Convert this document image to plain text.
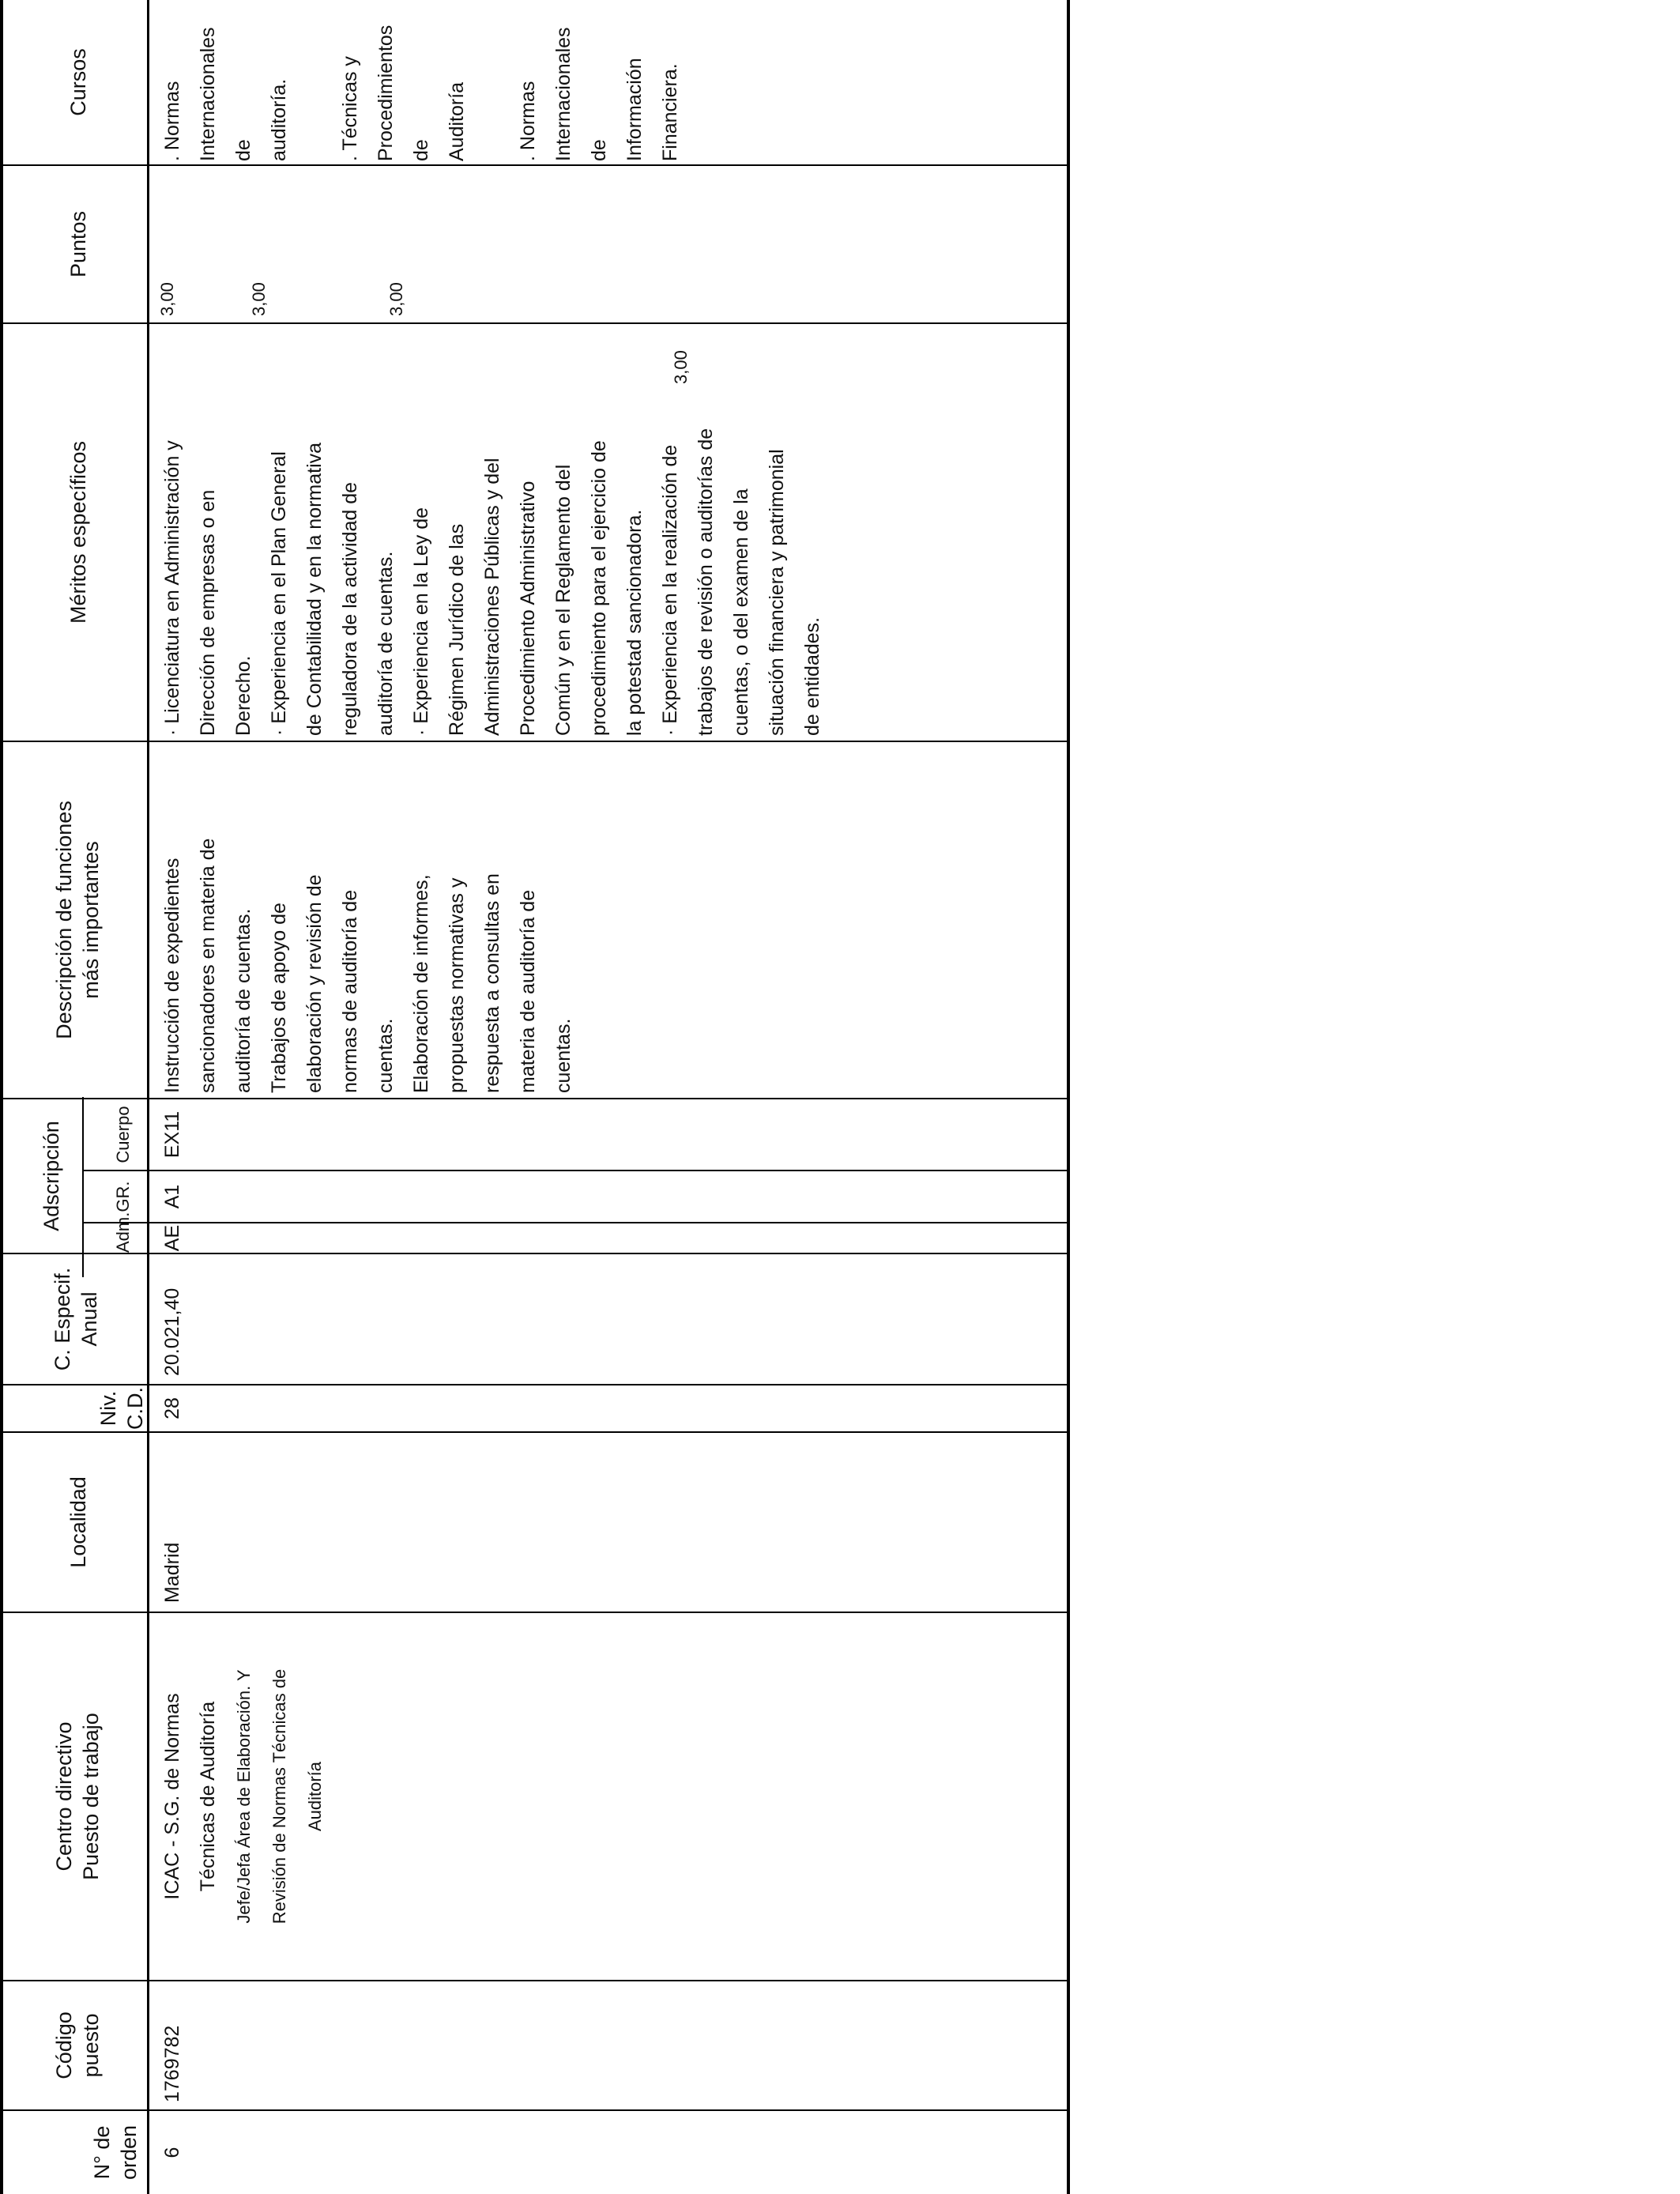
N° de
orden
Código
puesto
Centro directivo
Puesto de trabajo
Localidad
Niv.
C.D.
C. Especif.
Anual
Adscripción
Adm.
GR.
Cuerpo
Descripción de funciones
más importantes
Méritos específicos
Puntos
Cursos
6
1769782
ICAC - S.G. de Normas
Técnicas de Auditoría
Jefe/Jefa Área de Elaboración. Y
Revisión de Normas Técnicas de
Auditoría
Madrid
28
20.021,40
AE
A1
EX11
Instrucción de expedientes
sancionadores en materia de
auditoría de cuentas.
Trabajos de apoyo de
elaboración y revisión de
normas de auditoría de
cuentas.
Elaboración de informes,
propuestas normativas y
respuesta a consultas en
materia de auditoría de
cuentas.
· Licenciatura en Administración y
Dirección de empresas o en
Derecho.
· Experiencia en el Plan General
de Contabilidad y en la normativa
reguladora de la actividad de
auditoría de cuentas.
· Experiencia en la Ley de
Régimen Jurídico de las
Administraciones Públicas y del
Procedimiento Administrativo
Común y en el Reglamento del
procedimiento para el ejercicio de
la potestad sancionadora.
· Experiencia en la realización de
trabajos de revisión o auditorías de
cuentas, o del examen de la
situación financiera y patrimonial
de entidades.
3,00	3,00	3,00
3,00
. Normas
Internacionales de
auditoría.

. Técnicas y
Procedimientos de
Auditoría

. Normas
Internacionales de
Información
Financiera.
